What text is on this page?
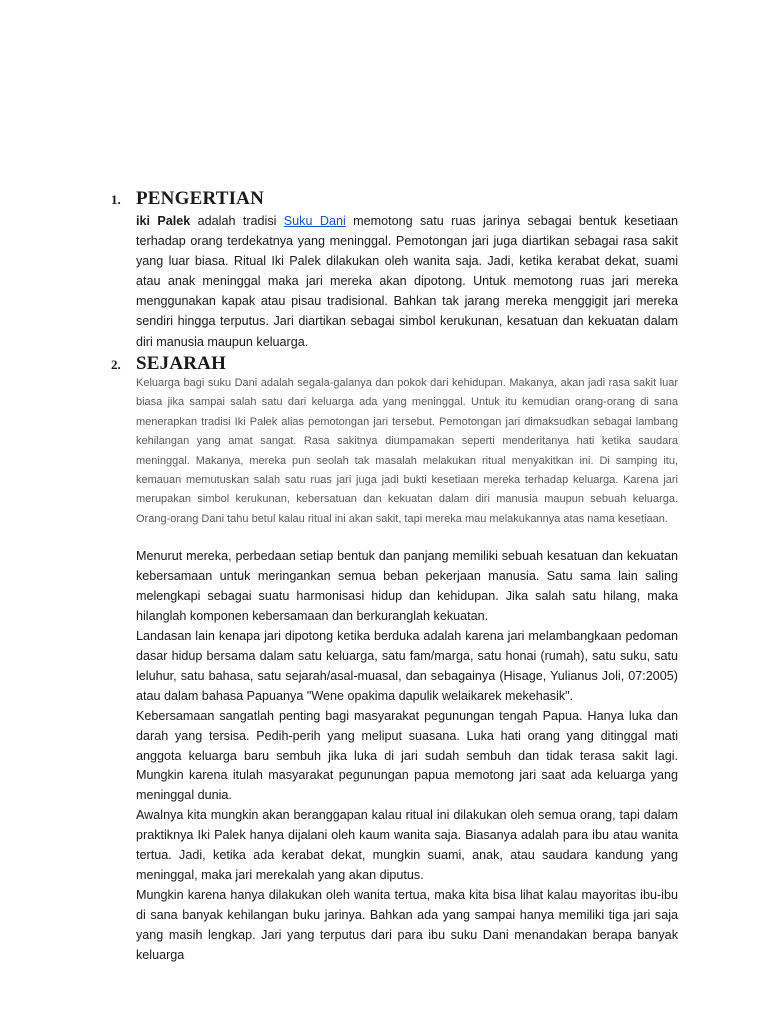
1. PENGERTIAN
iki Palek adalah tradisi Suku Dani memotong satu ruas jarinya sebagai bentuk kesetiaan terhadap orang terdekatnya yang meninggal. Pemotongan jari juga diartikan sebagai rasa sakit yang luar biasa. Ritual Iki Palek dilakukan oleh wanita saja. Jadi, ketika kerabat dekat, suami atau anak meninggal maka jari mereka akan dipotong. Untuk memotong ruas jari mereka menggunakan kapak atau pisau tradisional. Bahkan tak jarang mereka menggigit jari mereka sendiri hingga terputus. Jari diartikan sebagai simbol kerukunan, kesatuan dan kekuatan dalam diri manusia maupun keluarga.
2. SEJARAH
Keluarga bagi suku Dani adalah segala-galanya dan pokok dari kehidupan. Makanya, akan jadi rasa sakit luar biasa jika sampai salah satu dari keluarga ada yang meninggal. Untuk itu kemudian orang-orang di sana menerapkan tradisi Iki Palek alias pemotongan jari tersebut. Pemotongan jari dimaksudkan sebagai lambang kehilangan yang amat sangat. Rasa sakitnya diumpamakan seperti menderitanya hati ketika saudara meninggal. Makanya, mereka pun seolah tak masalah melakukan ritual menyakitkan ini. Di samping itu, kemauan memutuskan salah satu ruas jari juga jadi bukti kesetiaan mereka terhadap keluarga. Karena jari merupakan simbol kerukunan, kebersatuan dan kekuatan dalam diri manusia maupun sebuah keluarga. Orang-orang Dani tahu betul kalau ritual ini akan sakit, tapi mereka mau melakukannya atas nama kesetiaan.

Menurut mereka, perbedaan setiap bentuk dan panjang memiliki sebuah kesatuan dan kekuatan kebersamaan untuk meringankan semua beban pekerjaan manusia. Satu sama lain saling melengkapi sebagai suatu harmonisasi hidup dan kehidupan. Jika salah satu hilang, maka hilanglah komponen kebersamaan dan berkuranglah kekuatan.

Landasan lain kenapa jari dipotong ketika berduka adalah karena jari melambangkaan pedoman dasar hidup bersama dalam satu keluarga, satu fam/marga, satu honai (rumah), satu suku, satu leluhur, satu bahasa, satu sejarah/asal-muasal, dan sebagainya (Hisage, Yulianus Joli, 07:2005) atau dalam bahasa Papuanya "Wene opakima dapulik welaikarek mekehasik".

Kebersamaan sangatlah penting bagi masyarakat pegunungan tengah Papua. Hanya luka dan darah yang tersisa. Pedih-perih yang meliput suasana. Luka hati orang yang ditinggal mati anggota keluarga baru sembuh jika luka di jari sudah sembuh dan tidak terasa sakit lagi. Mungkin karena itulah masyarakat pegunungan papua memotong jari saat ada keluarga yang meninggal dunia.

Awalnya kita mungkin akan beranggapan kalau ritual ini dilakukan oleh semua orang, tapi dalam praktiknya Iki Palek hanya dijalani oleh kaum wanita saja. Biasanya adalah para ibu atau wanita tertua. Jadi, ketika ada kerabat dekat, mungkin suami, anak, atau saudara kandung yang meninggal, maka jari merekalah yang akan diputus.

Mungkin karena hanya dilakukan oleh wanita tertua, maka kita bisa lihat kalau mayoritas ibu-ibu di sana banyak kehilangan buku jarinya. Bahkan ada yang sampai hanya memiliki tiga jari saja yang masih lengkap. Jari yang terputus dari para ibu suku Dani menandakan berapa banyak keluarga
